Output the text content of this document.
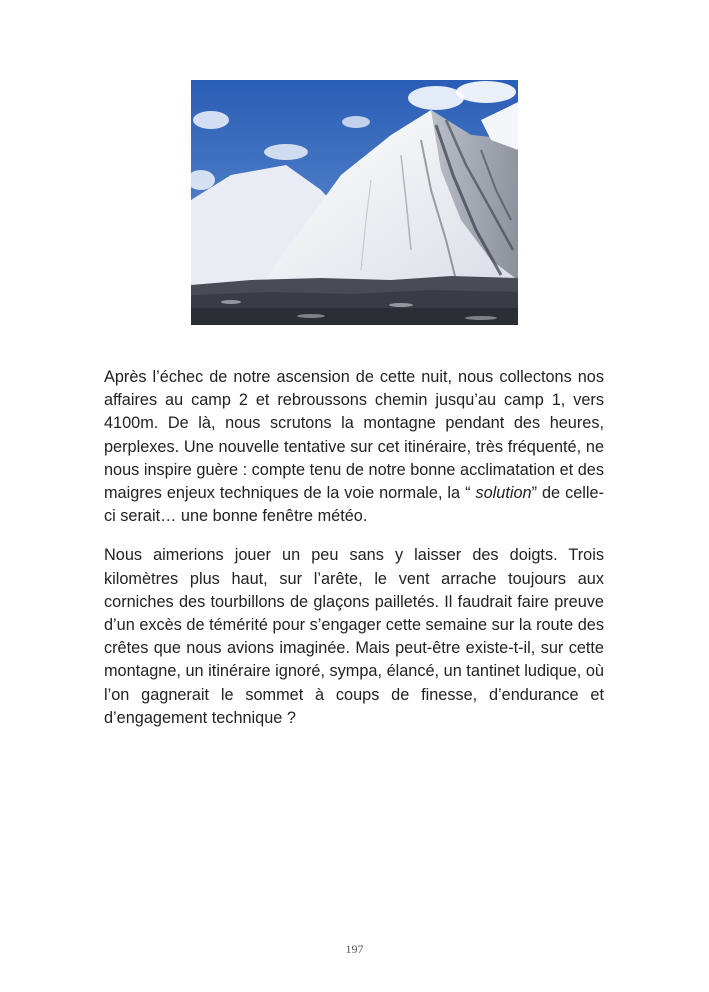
Après l’échec de notre ascension de cette nuit, nous collectons nos affaires au camp 2 et rebroussons chemin jusqu’au camp 1, vers 4100m. De là, nous scrutons la montagne pendant des heures, perplexes. Une nouvelle tentative sur cet itinéraire, très fréquenté, ne nous inspire guère : compte tenu de notre bonne acclimatation et des maigres enjeux techniques de la voie normale, la “ solution” de celle-ci serait… une bonne fenêtre météo.

Nous aimerions jouer un peu sans y laisser des doigts. Trois kilomètres plus haut, sur l’arête, le vent arrache toujours aux corniches des tourbillons de glaçons pailletés. Il faudrait faire preuve d’un excès de témérité pour s’engager cette semaine sur la route des crêtes que nous avions imaginée. Mais peut-être existe-t-il, sur cette montagne, un itinéraire ignoré, sympa, élancé, un tantinet ludique, où l’on gagnerait le sommet à coups de finesse, d’endurance et d’engagement technique ?

197
